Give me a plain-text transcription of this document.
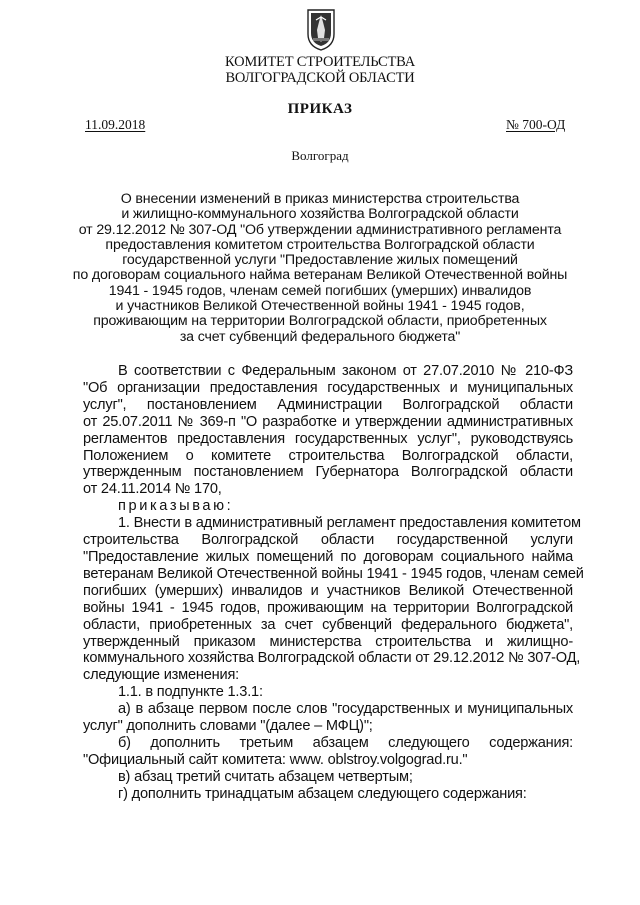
КОМИТЕТ СТРОИТЕЛЬСТВА
ВОЛГОГРАДСКОЙ ОБЛАСТИ
ПРИКАЗ
11.09.2018	№ 700-ОД
Волгоград
О внесении изменений в приказ министерства строительства
и жилищно-коммунального хозяйства Волгоградской области
от 29.12.2012 № 307-ОД "Об утверждении административного регламента
предоставления комитетом строительства Волгоградской области
государственной услуги "Предоставление жилых помещений
по договорам социального найма ветеранам Великой Отечественной войны
1941 - 1945 годов, членам семей погибших (умерших) инвалидов
и участников Великой Отечественной войны 1941 - 1945 годов,
проживающим на территории Волгоградской области, приобретенных
за счет субвенций федерального бюджета"
В соответствии с Федеральным законом от 27.07.2010 № 210-ФЗ
"Об организации предоставления государственных и муниципальных
услуг", постановлением Администрации Волгоградской области
от 25.07.2011 № 369-п "О разработке и утверждении административных
регламентов предоставления государственных услуг", руководствуясь
Положением о комитете строительства Волгоградской области,
утвержденным постановлением Губернатора Волгоградской области
от 24.11.2014 № 170,
приказываю:
1. Внести в административный регламент предоставления комитетом
строительства Волгоградской области государственной услуги
"Предоставление жилых помещений по договорам социального найма
ветеранам Великой Отечественной войны 1941 - 1945 годов, членам семей
погибших (умерших) инвалидов и участников Великой Отечественной
войны 1941 - 1945 годов, проживающим на территории Волгоградской
области, приобретенных за счет субвенций федерального бюджета",
утвержденный приказом министерства строительства и жилищно-
коммунального хозяйства Волгоградской области от 29.12.2012 № 307-ОД,
следующие изменения:
1.1. в подпункте 1.3.1:
а) в абзаце первом после слов "государственных и муниципальных
услуг" дополнить словами "(далее – МФЦ)";
б) дополнить третьим абзацем следующего содержания:
"Официальный сайт комитета: www. oblstroy.volgograd.ru."
в) абзац третий считать абзацем четвертым;
г) дополнить тринадцатым абзацем следующего содержания:
